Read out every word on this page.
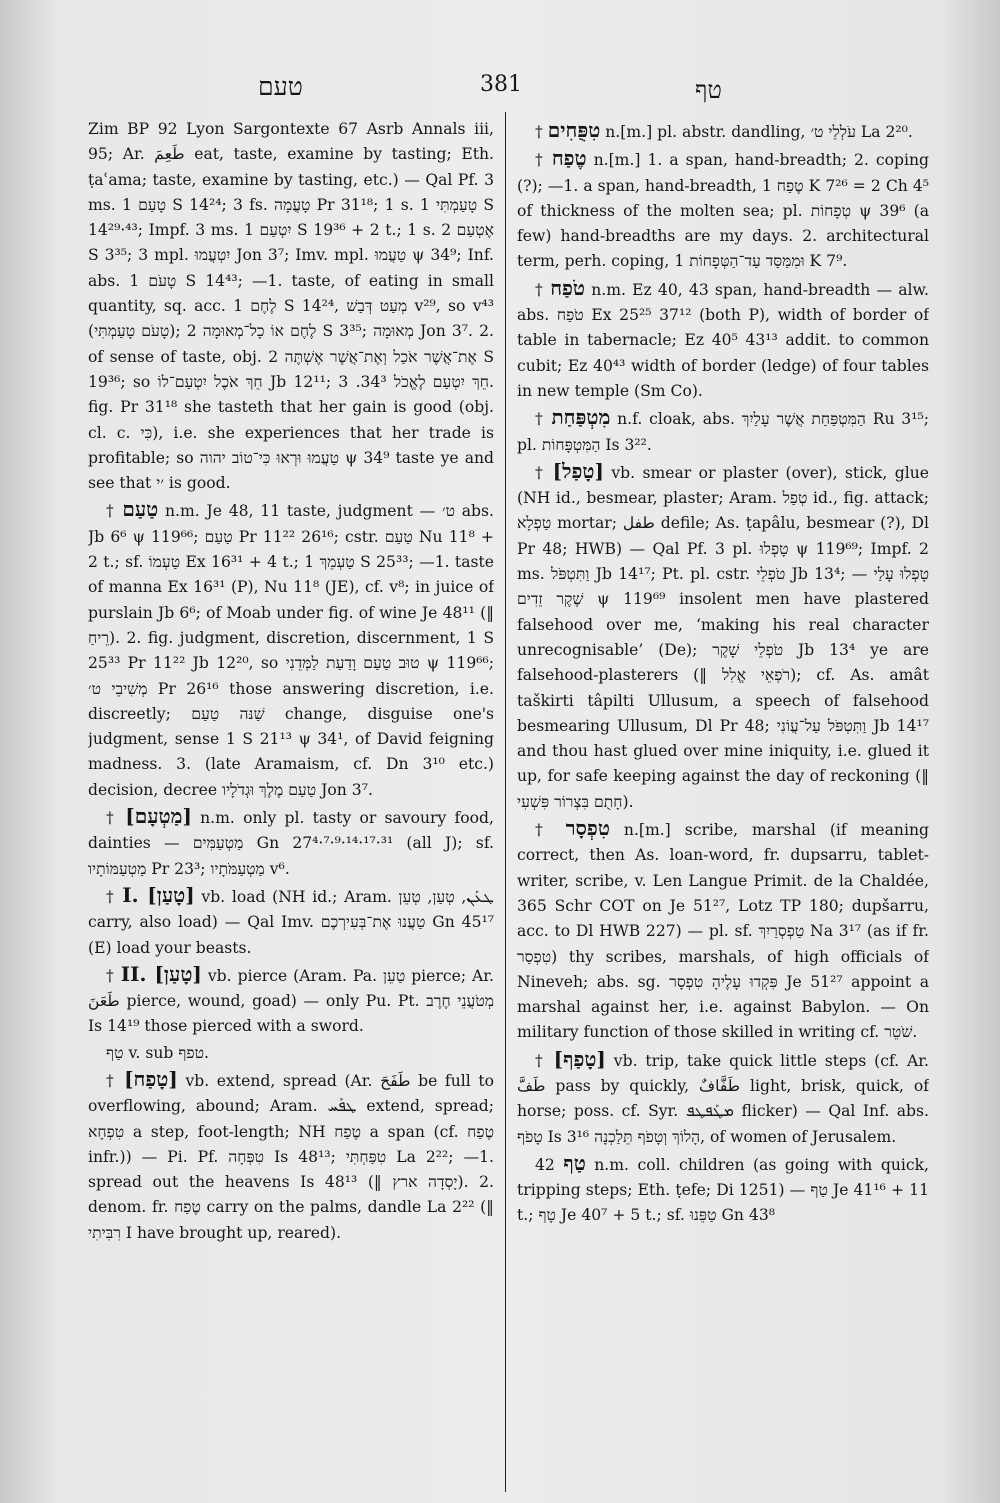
טעם	381	טף

Zim BP 92 Lyon Sargontexte 67 Asrb Annals iii, 95; Ar. طَعِمَ eat, taste, examine by tasting; Eth. ṭaʿama; taste, examine by tasting, etc.) — Qal Pf. 3 ms. טָעַם 1 S 14²⁴; 3 fs. טָעֲמָה Pr 31¹⁸; 1 s. טָעַמְתִּי 1 S 14²⁹·⁴³; Impf. 3 ms. יִטְעַם 1 S 19³⁶ + 2 t.; 1 s. אֶטְעַם 2 S 3³⁵; 3 mpl. יִטְעֲמוּ Jon 3⁷; Imv. mpl. טַעֲמוּ ψ 34⁹; Inf. abs. טָעֹם 1 S 14⁴³; —1. taste, of eating in small quantity, sq. acc. לֶחֶם 1 S 14²⁴, מְעַט דְּבַשׁ v²⁹, so v⁴³ (טָעֹם טָעַמְתִּי); לֶחֶם אוֹ כָל־מְאוּמָה 2 S 3³⁵; מְאוּמָה Jon 3⁷. 2. of sense of taste, obj. אֶת־אֲשֶׁר אֹכַל וְאֶת־אֲשֶׁר אֶשְׁתֶּה 2 S 19³⁶; so חֵךְ אֹכֶל יִטְעַם־לוֹ Jb 12¹¹; חֵךְ יִטְעַם לֶאֱכֹל 34³. 3. fig. Pr 31¹⁸ she tasteth that her gain is good (obj. cl. c. כִּי), i.e. she experiences that her trade is profitable; so טַעֲמוּ וּרְאוּ כִּי־טוֹב יהוה ψ 34⁹ taste ye and see that ׳י is good.

† טַעַם n.m. Je 48, 11 taste, judgment — ט׳ abs. Jb 6⁶ ψ 119⁶⁶; טַעַם Pr 11²² 26¹⁶; cstr. טַעַם Nu 11⁸ + 2 t.; sf. טַעְמוֹ Ex 16³¹ + 4 t.; טַעְמֵךְ 1 S 25³³; —1. taste of manna Ex 16³¹ (P), Nu 11⁸ (JE), cf. v⁸; in juice of purslain Jb 6⁶; of Moab under fig. of wine Je 48¹¹ (‖ רֵיחַ). 2. fig. judgment, discretion, discernment, 1 S 25³³ Pr 11²² Jb 12²⁰, so טוּב טַעַם וָדַעַת לַמְּדֵנִי ψ 119⁶⁶; מְשִׁיבֵי ט׳ Pr 26¹⁶ those answering discretion, i.e. discreetly; שַׁנּה טַעַם change, disguise one's judgment, sense 1 S 21¹³ ψ 34¹, of David feigning madness. 3. (late Aramaism, cf. Dn 3¹⁰ etc.) decision, decree טַעַם מֶלֶךְ וּגְדֹלָיו Jon 3⁷.

† [מַטְעָם] n.m. only pl. tasty or savoury food, dainties — מַטְעַמִּים Gn 27⁴·⁷·⁹·¹⁴·¹⁷·³¹ (all J); sf. מַטְעַמּוֹתָיו Pr 23³; מַטְעַמֹּתָיו v⁶.

† I. [טָעַן] vb. load (NH id.; Aram. ܛܥܰܢ, טְעַן, טְעֵן carry, also load) — Qal Imv. טַעֲנוּ אֶת־בְּעִירְכֶם Gn 45¹⁷ (E) load your beasts.

† II. [טָעַן] vb. pierce (Aram. Pa. טַעֵן pierce; Ar. طَعَنَ pierce, wound, goad) — only Pu. Pt. מְטֹעֲנֵי חֶרֶב Is 14¹⁹ those pierced with a sword.

טַף v. sub טפף.

† [טָפַח] vb. extend, spread (Ar. طَفَحَ be full to overflowing, abound; Aram. ܛܦܰܚ extend, spread; טִפְחָא a step, foot-length; NH טֶפַח a span (cf. טֶפַח infr.)) — Pi. Pf. טִפְּחָה Is 48¹³; טִפַּחְתִּי La 2²²; —1. spread out the heavens Is 48¹³ (‖ יָסְדָה ארץ). 2. denom. fr. טֶפַח carry on the palms, dandle La 2²² (‖ רִבִּיתִי I have brought up, reared).

† טִפֻּחִים n.[m.] pl. abstr. dandling, עֹלְלֵי ט׳ La 2²⁰.

† טֶפַח n.[m.] 1. a span, hand-breadth; 2. coping (?); —1. a span, hand-breadth, טֶפַח 1 K 7²⁶ = 2 Ch 4⁵ of thickness of the molten sea; pl. טְפָחוֹת ψ 39⁶ (a few) hand-breadths are my days. 2. architectural term, perh. coping, וּמִמַּסַּד עַד־הַטְּפָחוֹת 1 K 7⁹.

† טֹפַח n.m. Ez 40, 43 span, hand-breadth — alw. abs. טֹפַח Ex 25²⁵ 37¹² (both P), width of border of table in tabernacle; Ez 40⁵ 43¹³ addit. to common cubit; Ez 40⁴³ width of border (ledge) of four tables in new temple (Sm Co).

† מִטְפַּחַת n.f. cloak, abs. הַמִּטְפַּחַת אֲשֶׁר עָלַיִךְ Ru 3¹⁵; pl. הַמִּטְפָּחוֹת Is 3²².

† [טָפַל] vb. smear or plaster (over), stick, glue (NH id., besmear, plaster; Aram. טְפַל id., fig. attack; טַפְלָא mortar; طفل defile; As. ṭapâlu, besmear (?), Dl Pr 48; HWB) — Qal Pf. 3 pl. טָפְלוּ ψ 119⁶⁹; Impf. 2 ms. וַתִּטְפֹּל Jb 14¹⁷; Pt. pl. cstr. טֹפְלֵי Jb 13⁴; — טָפְלוּ עָלַי שֶׁקֶר זֵדִים ψ 119⁶⁹ insolent men have plastered falsehood over me, ‘making his real character unrecognisable’ (De); טֹפְלֵי שָׁקֶר Jb 13⁴ ye are falsehood-plasterers (‖ רֹפְאֵי אֱלִל); cf. As. amât taškirti tâpilti Ullusum, a speech of falsehood besmearing Ullusum, Dl Pr 48; וַתִּטְפֹּל עַל־עֲוֹנִי Jb 14¹⁷ and thou hast glued over mine iniquity, i.e. glued it up, for safe keeping against the day of reckoning (‖ חָתֻם בִּצְרוֹר פִּשְׁעִי).

† טִפְסָר n.[m.] scribe, marshal (if meaning correct, then As. loan-word, fr. dupsarru, tablet-writer, scribe, v. Len Langue Primit. de la Chaldée, 365 Schr COT on Je 51²⁷, Lotz TP 180; dupšarru, acc. to Dl HWB 227) — pl. sf. טַפְסְרַיִךְ Na 3¹⁷ (as if fr. טִפְסַר) thy scribes, marshals, of high officials of Nineveh; abs. sg. פִּקְדוּ עָלֶיהָ טִפְסָר Je 51²⁷ appoint a marshal against her, i.e. against Babylon. — On military function of those skilled in writing cf. שֹׁטֵר.

† [טָפַף] vb. trip, take quick little steps (cf. Ar. طَفَّ pass by quickly, طَفَّافٌ light, brisk, quick, of horse; poss. cf. Syr. ܡܛܰܦܛܦ flicker) — Qal Inf. abs. טָפֹף Is 3¹⁶ הָלוֹךְ וְטָפֹף תֵּלַכְנָה, of women of Jerusalem.

טַף 42 n.m. coll. children (as going with quick, tripping steps; Eth. ṭefe; Di 1251) — טַף Je 41¹⁶ + 11 t.; טָף Je 40⁷ + 5 t.; sf. טַפֵּנוּ Gn 43⁸
